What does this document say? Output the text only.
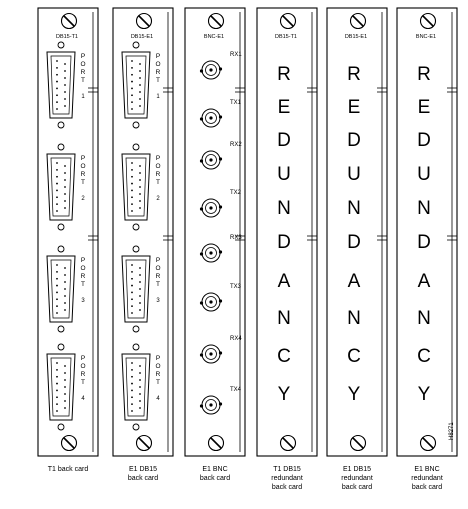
DB15-T1
P
O
R
T
1
P
O
R
T
2
P
O
R
T
3
P
O
R
T
4
DB15-E1
P
O
R
T
1
P
O
R
T
2
P
O
R
T
3
P
O
R
T
4
BNC-E1
RX1
TX1
RX2
TX2
RX3
TX3
RX4
TX4
DB15-T1
R
E
D
U
N
D
A
N
C
Y
DB15-E1
R
E
D
U
N
D
A
N
C
Y
BNC-E1
R
E
D
U
N
D
A
N
C
Y
T1 back card	E1 DB15
back card
E1 BNC
back card
T1 DB15
redundant
back card
E1 DB15
redundant
back card
E1 BNC
redundant
back card
H8271
